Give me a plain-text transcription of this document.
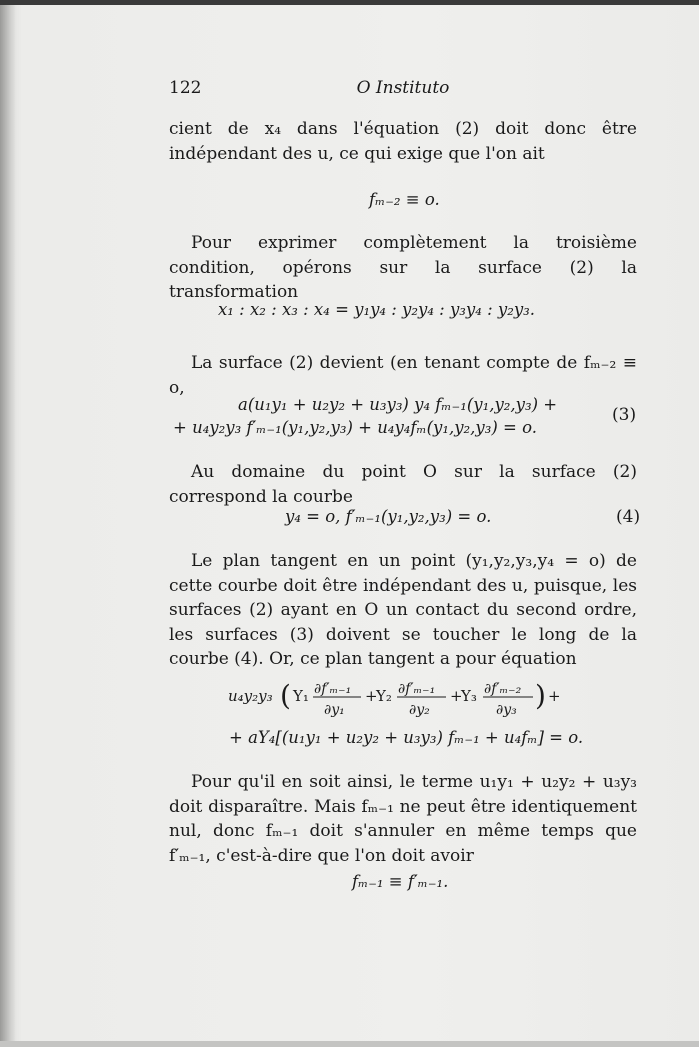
122	O Instituto
cient de x₄ dans l'équation (2) doit donc être indépendant des u, ce qui exige que l'on ait
fₘ₋₂ ≡ o.
Pour exprimer complètement la troisième condition, opérons sur la surface (2) la transformation
x₁ : x₂ : x₃ : x₄ = y₁y₄ : y₂y₄ : y₃y₄ : y₂y₃.
La surface (2) devient (en tenant compte de fₘ₋₂ ≡ o,
a(u₁y₁ + u₂y₂ + u₃y₃) y₄ fₘ₋₁(y₁,y₂,y₃) +
+ u₄y₂y₃ f′ₘ₋₁(y₁,y₂,y₃) + u₄y₄fₘ(y₁,y₂,y₃) = o.
(3)
Au domaine du point O sur la surface (2) correspond la courbe
y₄ = o, f′ₘ₋₁(y₁,y₂,y₃) = o.	(4)
Le plan tangent en un point (y₁,y₂,y₃,y₄ = o) de cette courbe doit être indépendant des u, puisque, les surfaces (2) ayant en O un contact du second ordre, les surfaces (3) doivent se toucher le long de la courbe (4). Or, ce plan tangent a pour équation
u₄y₂y₃ ( Y₁ ∂f′ₘ₋₁
∂y₁
+
Y₂ ∂f′ₘ₋₁
∂y₂
+
Y₃ ∂f′ₘ₋₂
∂y₃ ) +
+ aY₄[(u₁y₁ + u₂y₂ + u₃y₃) fₘ₋₁ + u₄fₘ] = o.
Pour qu'il en soit ainsi, le terme u₁y₁ + u₂y₂ + u₃y₃ doit disparaître. Mais fₘ₋₁ ne peut être identiquement nul, donc fₘ₋₁ doit s'annuler en même temps que f′ₘ₋₁, c'est-à-dire que l'on doit avoir
fₘ₋₁ ≡ f′ₘ₋₁.
